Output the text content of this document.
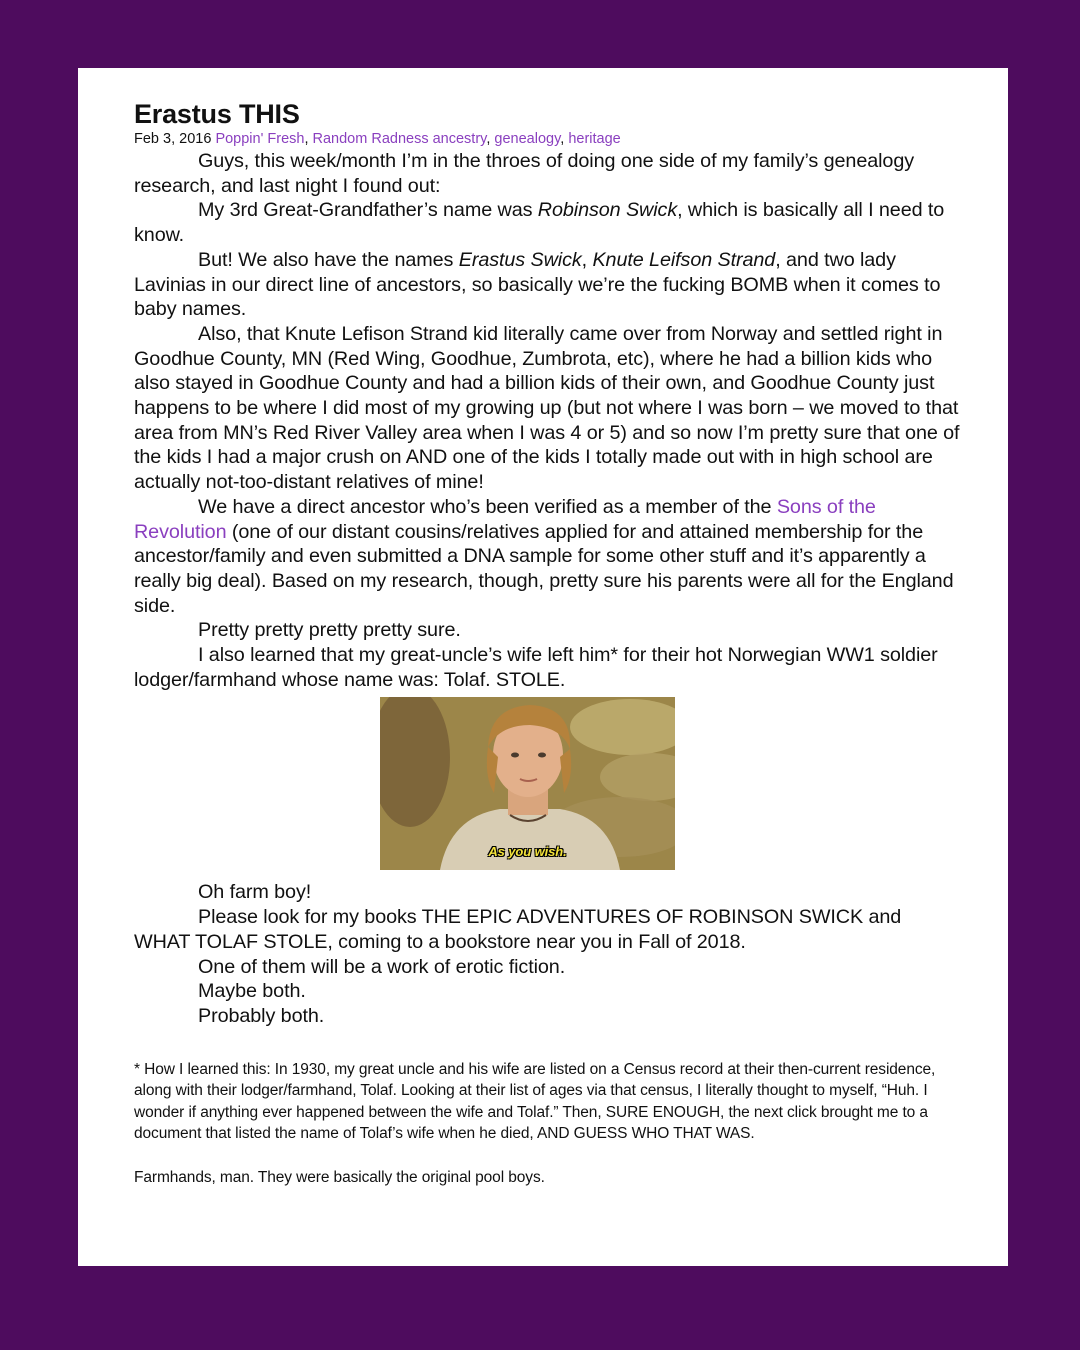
Erastus THIS
Feb 3, 2016 Poppin' Fresh, Random Radness ancestry, genealogy, heritage

Guys, this week/month I’m in the throes of doing one side of my family’s genealogy research, and last night I found out:

My 3rd Great-Grandfather’s name was Robinson Swick, which is basically all I need to know.

But! We also have the names Erastus Swick, Knute Leifson Strand, and two lady Lavinias in our direct line of ancestors, so basically we’re the fucking BOMB when it comes to baby names.

Also, that Knute Lefison Strand kid literally came over from Norway and settled right in Goodhue County, MN (Red Wing, Goodhue, Zumbrota, etc), where he had a billion kids who also stayed in Goodhue County and had a billion kids of their own, and Goodhue County just happens to be where I did most of my growing up (but not where I was born – we moved to that area from MN’s Red River Valley area when I was 4 or 5) and so now I’m pretty sure that one of the kids I had a major crush on AND one of the kids I totally made out with in high school are actually not-too-distant relatives of mine!

We have a direct ancestor who’s been verified as a member of the Sons of the Revolution (one of our distant cousins/relatives applied for and attained membership for the ancestor/family and even submitted a DNA sample for some other stuff and it’s apparently a really big deal). Based on my research, though, pretty sure his parents were all for the England side.

Pretty pretty pretty pretty sure.

I also learned that my great-uncle’s wife left him* for their hot Norwegian WW1 soldier lodger/farmhand whose name was: Tolaf. STOLE.

As you wish.

Oh farm boy!

Please look for my books THE EPIC ADVENTURES OF ROBINSON SWICK and WHAT TOLAF STOLE, coming to a bookstore near you in Fall of 2018.

One of them will be a work of erotic fiction.

Maybe both.

Probably both.

* How I learned this: In 1930, my great uncle and his wife are listed on a Census record at their then-current residence, along with their lodger/farmhand, Tolaf. Looking at their list of ages via that census, I literally thought to myself, “Huh. I wonder if anything ever happened between the wife and Tolaf.” Then, SURE ENOUGH, the next click brought me to a document that listed the name of Tolaf’s wife when he died, AND GUESS WHO THAT WAS.

Farmhands, man. They were basically the original pool boys.
